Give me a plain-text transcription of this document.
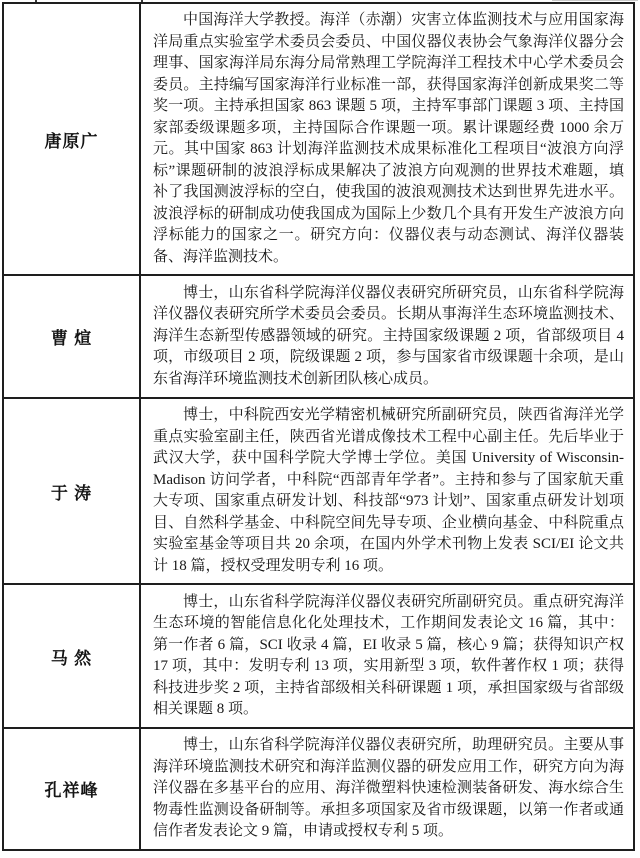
唐原广

中国海洋大学教授。海洋（赤潮）灾害立体监测技术与应用国家海洋局重点实验室学术委员会委员、中国仪器仪表协会气象海洋仪器分会理事、国家海洋局东海分局常熟理工学院海洋工程技术中心学术委员会委员。主持编写国家海洋行业标准一部，获得国家海洋创新成果奖二等奖一项。主持承担国家 863 课题 5 项，主持军事部门课题 3 项、主持国家部委级课题多项，主持国际合作课题一项。累计课题经费 1000 余万元。其中国家 863 计划海洋监测技术成果标准化工程项目“波浪方向浮标”课题研制的波浪浮标成果解决了波浪方向观测的世界技术难题，填补了我国测波浮标的空白，使我国的波浪观测技术达到世界先进水平。波浪浮标的研制成功使我国成为国际上少数几个具有开发生产波浪方向浮标能力的国家之一。研究方向：仪器仪表与动态测试、海洋仪器装备、海洋监测技术。

曹 煊

博士，山东省科学院海洋仪器仪表研究所研究员，山东省科学院海洋仪器仪表研究所学术委员会委员。长期从事海洋生态环境监测技术、海洋生态新型传感器领域的研究。主持国家级课题 2 项，省部级项目 4 项，市级项目 2 项，院级课题 2 项，参与国家省市级课题十余项，是山东省海洋环境监测技术创新团队核心成员。

于 涛

博士，中科院西安光学精密机械研究所副研究员，陕西省海洋光学重点实验室副主任，陕西省光谱成像技术工程中心副主任。先后毕业于武汉大学，获中国科学院大学博士学位。美国 University of Wisconsin-Madison 访问学者，中科院“西部青年学者”。主持和参与了国家航天重大专项、国家重点研发计划、科技部“973 计划”、国家重点研发计划项目、自然科学基金、中科院空间先导专项、企业横向基金、中科院重点实验室基金等项目共 20 余项，在国内外学术刊物上发表 SCI/EI 论文共计 18 篇，授权受理发明专利 16 项。

马 然

博士，山东省科学院海洋仪器仪表研究所副研究员。重点研究海洋生态环境的智能信息化化处理技术，工作期间发表论文 16 篇，其中：第一作者 6 篇，SCI 收录 4 篇，EI 收录 5 篇，核心 9 篇；获得知识产权 17 项，其中：发明专利 13 项，实用新型 3 项，软件著作权 1 项；获得科技进步奖 2 项，主持省部级相关科研课题 1 项，承担国家级与省部级相关课题 8 项。

孔祥峰

博士，山东省科学院海洋仪器仪表研究所，助理研究员。主要从事海洋环境监测技术研究和海洋监测仪器的研发应用工作，研究方向为海洋仪器在多基平台的应用、海洋微塑料快速检测装备研发、海水综合生物毒性监测设备研制等。承担多项国家及省市级课题，以第一作者或通信作者发表论文 9 篇，申请或授权专利 5 项。
